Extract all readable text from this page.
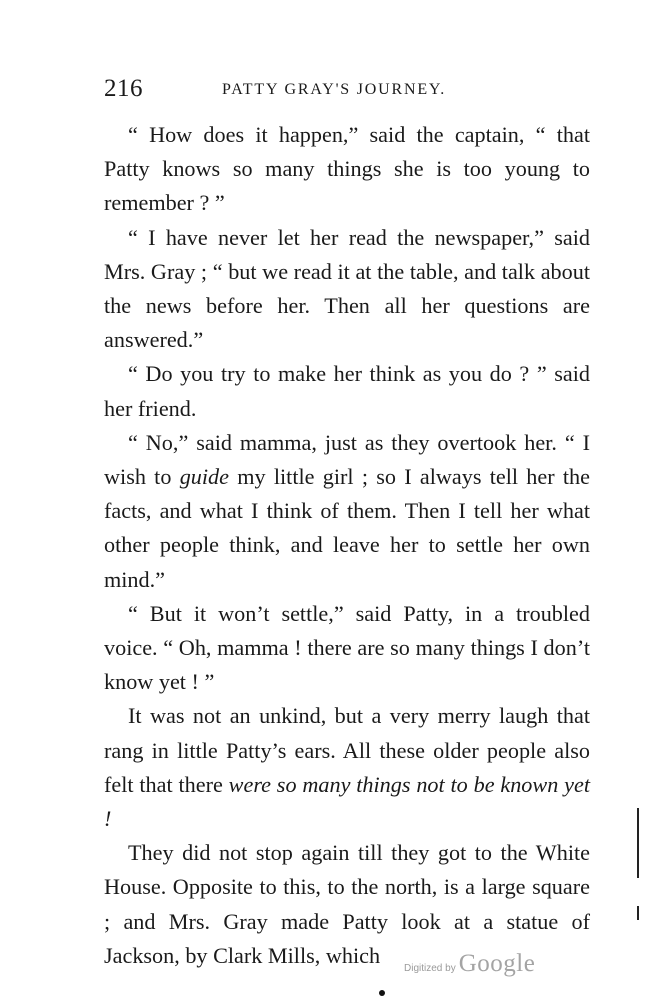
216	PATTY GRAY'S JOURNEY.

“ How does it happen,” said the captain, “ that Patty knows so many things she is too young to remember ? ”

“ I have never let her read the newspaper,” said Mrs. Gray ; “ but we read it at the table, and talk about the news before her. Then all her questions are answered.”

“ Do you try to make her think as you do ? ” said her friend.

“ No,” said mamma, just as they overtook her. “ I wish to guide my little girl ; so I always tell her the facts, and what I think of them. Then I tell her what other people think, and leave her to settle her own mind.”

“ But it won’t settle,” said Patty, in a troubled voice. “ Oh, mamma ! there are so many things I don’t know yet ! ”

It was not an unkind, but a very merry laugh that rang in little Patty’s ears. All these older people also felt that there were so many things not to be known yet !

They did not stop again till they got to the White House. Opposite to this, to the north, is a large square ; and Mrs. Gray made Patty look at a statue of Jackson, by Clark Mills, which

Digitized by Google
